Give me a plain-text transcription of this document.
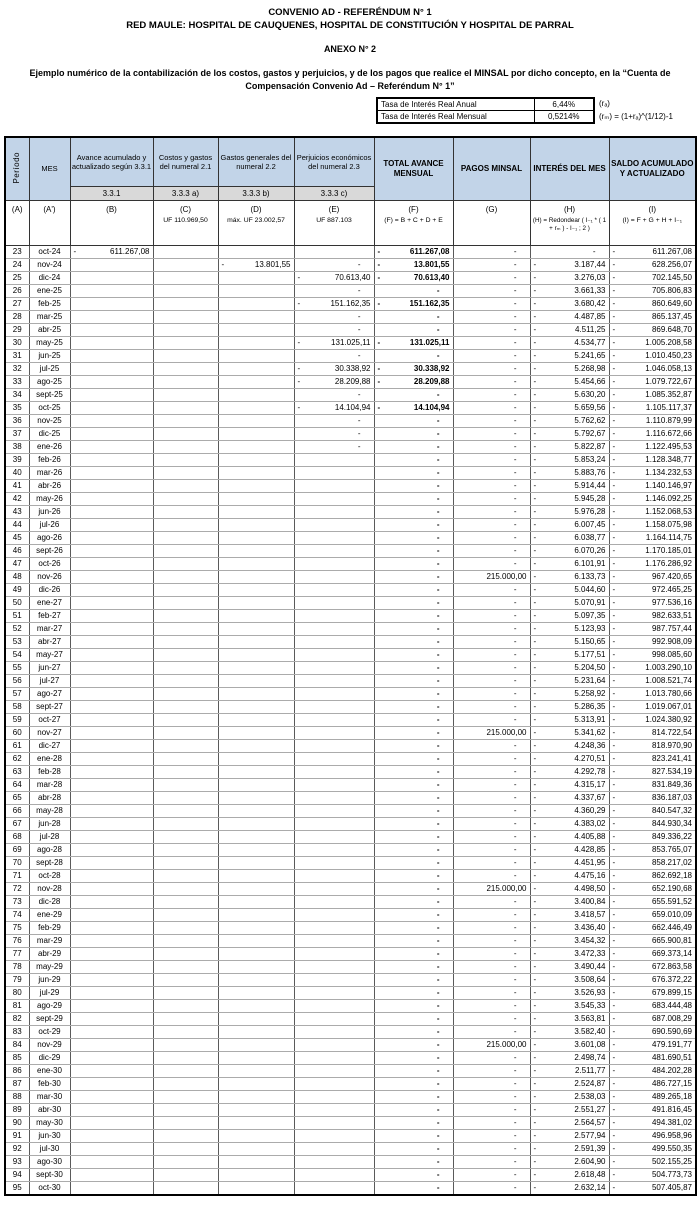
CONVENIO AD - REFERÉNDUM N° 1
RED MAULE: HOSPITAL DE CAUQUENES, HOSPITAL DE CONSTITUCIÓN Y HOSPITAL DE PARRAL
ANEXO N° 2
Ejemplo numérico de la contabilización de los costos, gastos y perjuicios, y de los pagos que realice el MINSAL por dicho concepto, en la “Cuenta de Compensación Convenio Ad – Referéndum N° 1”
Tasa de Interés Real Anual	6,44%
Tasa de Interés Real Mensual	0,5214%
(rₐ)
(rₘ) = (1+rₐ)^(1/12)-1
Período	MES	Avance acumulado y actualizado según 3.3.1	Costos y gastos del numeral 2.1	Gastos generales del numeral 2.2	Perjuicios económicos del numeral 2.3	TOTAL AVANCE MENSUAL	PAGOS MINSAL	INTERÉS DEL MES	SALDO ACUMULADO Y ACTUALIZADO
		3.3.1	3.3.3 a)	3.3.3 b)	3.3.3 c)				

(A)	(A')	(B)	(C)
UF 110.969,50

(D)
máx. UF 23.002,57

(E)
UF 887.103

(F)
(F) = B + C + D + E

(G)	(H)
(H) = Redondear ( I₋₁ * ( 1 + rₘ ) - I₋₁ ; 2 )

(I)
(I) = F + G + H + I₋₁

23	oct-24	- 611.267,08				- 611.267,08	-	-	- 611.267,08

24	nov-24			- 13.801,55	-	- 13.801,55	-	- 3.187,44	- 628.256,07

25	dic-24				- 70.613,40	- 70.613,40	-	- 3.276,03	- 702.145,50

26	ene-25				-	-	-	- 3.661,33	- 705.806,83

27	feb-25				- 151.162,35	- 151.162,35	-	- 3.680,42	- 860.649,60

28	mar-25				-	-	-	- 4.487,85	- 865.137,45

29	abr-25				-	-	-	- 4.511,25	- 869.648,70

30	may-25				- 131.025,11	- 131.025,11	-	- 4.534,77	- 1.005.208,58

31	jun-25				-	-	-	- 5.241,65	- 1.010.450,23

32	jul-25				- 30.338,92	- 30.338,92	-	- 5.268,98	- 1.046.058,13

33	ago-25				- 28.209,88	- 28.209,88	-	- 5.454,66	- 1.079.722,67

34	sept-25				-	-	-	- 5.630,20	- 1.085.352,87

35	oct-25				- 14.104,94	- 14.104,94	-	- 5.659,56	- 1.105.117,37

36	nov-25				-	-	-	- 5.762,62	- 1.110.879,99

37	dic-25				-	-	-	- 5.792,67	- 1.116.672,66

38	ene-26				-	-	-	- 5.822,87	- 1.122.495,53

39	feb-26					-	-	- 5.853,24	- 1.128.348,77

40	mar-26					-	-	- 5.883,76	- 1.134.232,53

41	abr-26					-	-	- 5.914,44	- 1.140.146,97

42	may-26					-	-	- 5.945,28	- 1.146.092,25

43	jun-26					-	-	- 5.976,28	- 1.152.068,53

44	jul-26					-	-	- 6.007,45	- 1.158.075,98

45	ago-26					-	-	- 6.038,77	- 1.164.114,75

46	sept-26					-	-	- 6.070,26	- 1.170.185,01

47	oct-26					-	-	- 6.101,91	- 1.176.286,92

48	nov-26					-	215.000,00	- 6.133,73	- 967.420,65

49	dic-26					-	-	- 5.044,60	- 972.465,25

50	ene-27					-	-	- 5.070,91	- 977.536,16

51	feb-27					-	-	- 5.097,35	- 982.633,51

52	mar-27					-	-	- 5.123,93	- 987.757,44

53	abr-27					-	-	- 5.150,65	- 992.908,09

54	may-27					-	-	- 5.177,51	- 998.085,60

55	jun-27					-	-	- 5.204,50	- 1.003.290,10

56	jul-27					-	-	- 5.231,64	- 1.008.521,74

57	ago-27					-	-	- 5.258,92	- 1.013.780,66

58	sept-27					-	-	- 5.286,35	- 1.019.067,01

59	oct-27					-	-	- 5.313,91	- 1.024.380,92

60	nov-27					-	215.000,00	- 5.341,62	- 814.722,54

61	dic-27					-	-	- 4.248,36	- 818.970,90

62	ene-28					-	-	- 4.270,51	- 823.241,41

63	feb-28					-	-	- 4.292,78	- 827.534,19

64	mar-28					-	-	- 4.315,17	- 831.849,36

65	abr-28					-	-	- 4.337,67	- 836.187,03

66	may-28					-	-	- 4.360,29	- 840.547,32

67	jun-28					-	-	- 4.383,02	- 844.930,34

68	jul-28					-	-	- 4.405,88	- 849.336,22

69	ago-28					-	-	- 4.428,85	- 853.765,07

70	sept-28					-	-	- 4.451,95	- 858.217,02

71	oct-28					-	-	- 4.475,16	- 862.692,18

72	nov-28					-	215.000,00	- 4.498,50	- 652.190,68

73	dic-28					-	-	- 3.400,84	- 655.591,52

74	ene-29					-	-	- 3.418,57	- 659.010,09

75	feb-29					-	-	- 3.436,40	- 662.446,49

76	mar-29					-	-	- 3.454,32	- 665.900,81

77	abr-29					-	-	- 3.472,33	- 669.373,14

78	may-29					-	-	- 3.490,44	- 672.863,58

79	jun-29					-	-	- 3.508,64	- 676.372,22

80	jul-29					-	-	- 3.526,93	- 679.899,15

81	ago-29					-	-	- 3.545,33	- 683.444,48

82	sept-29					-	-	- 3.563,81	- 687.008,29

83	oct-29					-	-	- 3.582,40	- 690.590,69

84	nov-29					-	215.000,00	- 3.601,08	- 479.191,77

85	dic-29					-	-	- 2.498,74	- 481.690,51

86	ene-30					-	-	- 2.511,77	- 484.202,28

87	feb-30					-	-	- 2.524,87	- 486.727,15

88	mar-30					-	-	- 2.538,03	- 489.265,18

89	abr-30					-	-	- 2.551,27	- 491.816,45

90	may-30					-	-	- 2.564,57	- 494.381,02

91	jun-30					-	-	- 2.577,94	- 496.958,96

92	jul-30					-	-	- 2.591,39	- 499.550,35

93	ago-30					-	-	- 2.604,90	- 502.155,25

94	sept-30					-	-	- 2.618,48	- 504.773,73

95	oct-30					-	-	- 2.632,14	- 507.405,87
